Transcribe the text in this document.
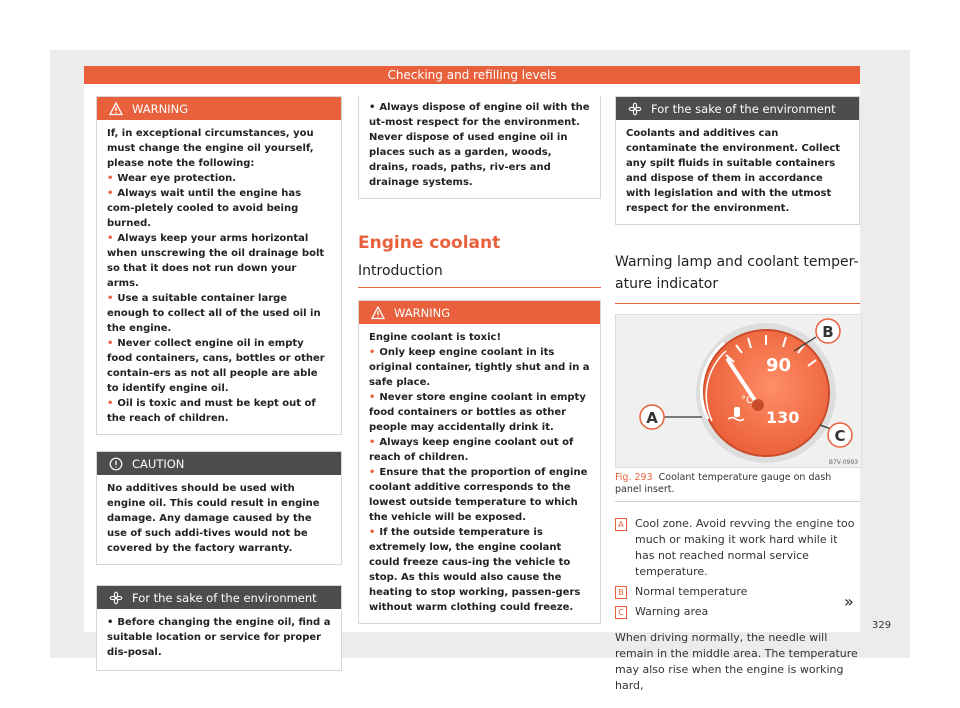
Checking and refilling levels
WARNING

If, in exceptional circumstances, you must change the engine oil yourself, please note the following:

• Wear eye protection.

• Always wait until the engine has com-pletely cooled to avoid being burned.

• Always keep your arms horizontal when unscrewing the oil drainage bolt so that it does not run down your arms.

• Use a suitable container large enough to collect all of the used oil in the engine.

• Never collect engine oil in empty food containers, cans, bottles or other contain-ers as not all people are able to identify engine oil.

• Oil is toxic and must be kept out of the reach of children.

CAUTION

No additives should be used with engine oil. This could result in engine damage. Any damage caused by the use of such addi-tives would not be covered by the factory warranty.

For the sake of the environment

• Before changing the engine oil, find a suitable location or service for proper dis-posal.

• Always dispose of engine oil with the ut-most respect for the environment. Never dispose of used engine oil in places such as a garden, woods, drains, roads, paths, riv-ers and drainage systems.

Engine coolant
Introduction
WARNING

Engine coolant is toxic!

• Only keep engine coolant in its original container, tightly shut and in a safe place.

• Never store engine coolant in empty food containers or bottles as other people may accidentally drink it.

• Always keep engine coolant out of reach of children.

• Ensure that the proportion of engine coolant additive corresponds to the lowest outside temperature to which the vehicle will be exposed.

• If the outside temperature is extremely low, the engine coolant could freeze caus-ing the vehicle to stop. As this would also cause the heating to stop working, passen-gers without warm clothing could freeze.

For the sake of the environment

Coolants and additives can contaminate the environment. Collect any spilt fluids in suitable containers and dispose of them in accordance with legislation and with the utmost respect for the environment.

Warning lamp and coolant temper-ature indicator
90
°C
130
A
B
C
B7V-0993
Fig. 293 Coolant temperature gauge on dash panel insert.
A Cool zone. Avoid revving the engine too much or making it work hard while it has not reached normal service temperature.
B Normal temperature
C Warning area

When driving normally, the needle will remain in the middle area. The temperature may also rise when the engine is working hard,

»
329
